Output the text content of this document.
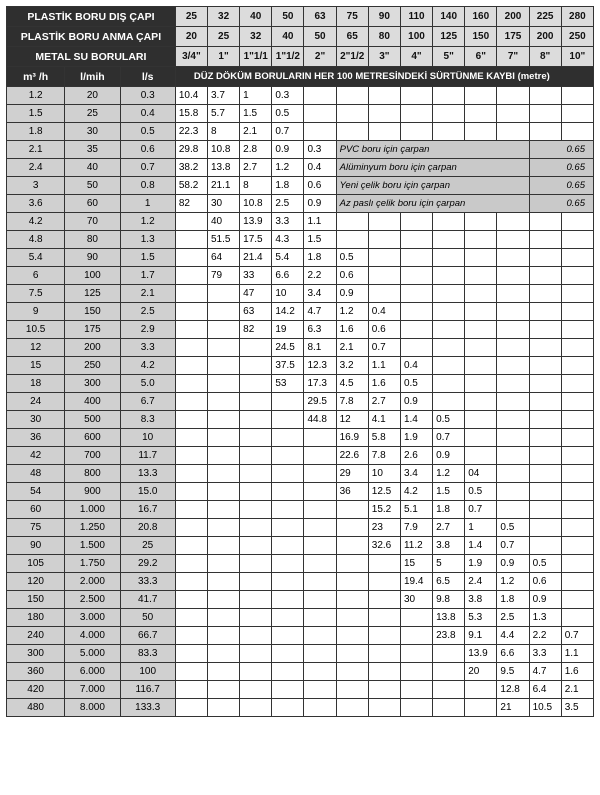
PLASTİK BORU DIŞ ÇAPI			25	32	40	50	63	75	90	110	140	160	200	225	280
PLASTİK BORU ANMA ÇAPI			20	25	32	40	50	65	80	100	125	150	175	200	250
METAL SU BORULARI			3/4"	1"	1"1/1	1"1/2	2"	2"1/2	3"	4"	5"	6"	7"	8"	10"
m³ /h	l/mih	l/s	DÜZ DÖKÜM BORULARIN HER 100 METRESİNDEKİ SÜRTÜNME KAYBI (metre)												
1.2	20	0.3	10.4	3.7	1	0.3									
1.5	25	0.4	15.8	5.7	1.5	0.5									
1.8	30	0.5	22.3	8	2.1	0.7									
2.1	35	0.6	29.8	10.8	2.8	0.9	0.3	PVC boru için çarpan						0.65	
2.4	40	0.7	38.2	13.8	2.7	1.2	0.4	Alüminyum boru için çarpan						0.65	
3	50	0.8	58.2	21.1	8	1.8	0.6	Yeni çelik boru için çarpan						0.65	
3.6	60	1	82	30	10.8	2.5	0.9	Az paslı çelik boru için çarpan						0.65	
4.2	70	1.2		40	13.9	3.3	1.1								
4.8	80	1.3		51.5	17.5	4.3	1.5								
5.4	90	1.5		64	21.4	5.4	1.8	0.5							
6	100	1.7		79	33	6.6	2.2	0.6							
7.5	125	2.1			47	10	3.4	0.9							
9	150	2.5			63	14.2	4.7	1.2	0.4						
10.5	175	2.9			82	19	6.3	1.6	0.6						
12	200	3.3				24.5	8.1	2.1	0.7						
15	250	4.2				37.5	12.3	3.2	1.1	0.4					
18	300	5.0				53	17.3	4.5	1.6	0.5					
24	400	6.7					29.5	7.8	2.7	0.9					
30	500	8.3					44.8	12	4.1	1.4	0.5				
36	600	10						16.9	5.8	1.9	0.7				
42	700	11.7						22.6	7.8	2.6	0.9				
48	800	13.3						29	10	3.4	1.2	04			
54	900	15.0						36	12.5	4.2	1.5	0.5			
60	1.000	16.7							15.2	5.1	1.8	0.7			
75	1.250	20.8							23	7.9	2.7	1	0.5		
90	1.500	25							32.6	11.2	3.8	1.4	0.7		
105	1.750	29.2								15	5	1.9	0.9	0.5	
120	2.000	33.3								19.4	6.5	2.4	1.2	0.6	
150	2.500	41.7								30	9.8	3.8	1.8	0.9	
180	3.000	50									13.8	5.3	2.5	1.3	
240	4.000	66.7									23.8	9.1	4.4	2.2	0.7
300	5.000	83.3										13.9	6.6	3.3	1.1
360	6.000	100										20	9.5	4.7	1.6
420	7.000	116.7											12.8	6.4	2.1
480	8.000	133.3											21	10.5	3.5
